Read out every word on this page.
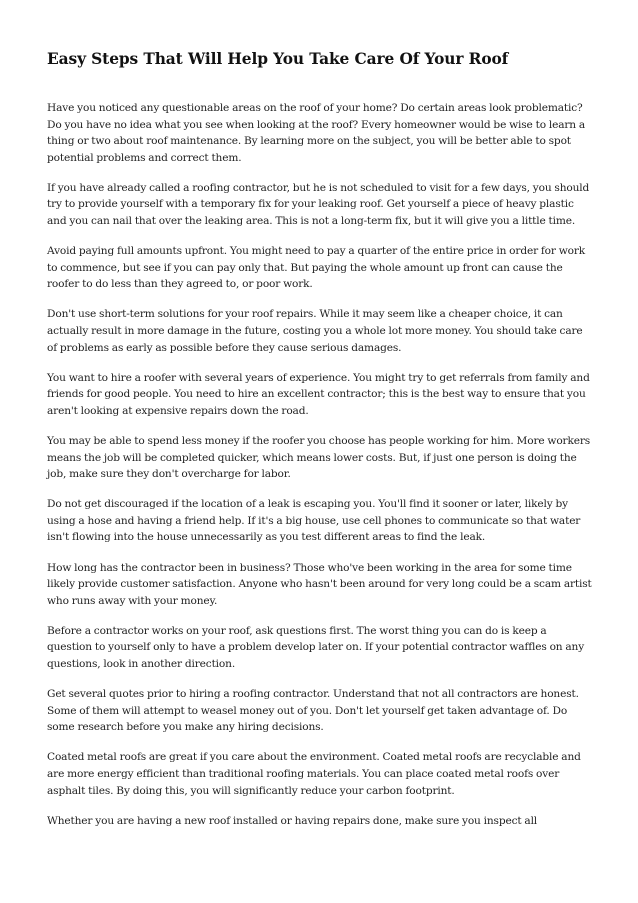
Easy Steps That Will Help You Take Care Of Your Roof

Have you noticed any questionable areas on the roof of your home? Do certain areas look problematic? Do you have no idea what you see when looking at the roof? Every homeowner would be wise to learn a thing or two about roof maintenance. By learning more on the subject, you will be better able to spot potential problems and correct them.

If you have already called a roofing contractor, but he is not scheduled to visit for a few days, you should try to provide yourself with a temporary fix for your leaking roof. Get yourself a piece of heavy plastic and you can nail that over the leaking area. This is not a long-term fix, but it will give you a little time.

Avoid paying full amounts upfront. You might need to pay a quarter of the entire price in order for work to commence, but see if you can pay only that. But paying the whole amount up front can cause the roofer to do less than they agreed to, or poor work.

Don't use short-term solutions for your roof repairs. While it may seem like a cheaper choice, it can actually result in more damage in the future, costing you a whole lot more money. You should take care of problems as early as possible before they cause serious damages.

You want to hire a roofer with several years of experience. You might try to get referrals from family and friends for good people. You need to hire an excellent contractor; this is the best way to ensure that you aren't looking at expensive repairs down the road.

You may be able to spend less money if the roofer you choose has people working for him. More workers means the job will be completed quicker, which means lower costs. But, if just one person is doing the job, make sure they don't overcharge for labor.

Do not get discouraged if the location of a leak is escaping you. You'll find it sooner or later, likely by using a hose and having a friend help. If it's a big house, use cell phones to communicate so that water isn't flowing into the house unnecessarily as you test different areas to find the leak.

How long has the contractor been in business? Those who've been working in the area for some time likely provide customer satisfaction. Anyone who hasn't been around for very long could be a scam artist who runs away with your money.

Before a contractor works on your roof, ask questions first. The worst thing you can do is keep a question to yourself only to have a problem develop later on. If your potential contractor waffles on any questions, look in another direction.

Get several quotes prior to hiring a roofing contractor. Understand that not all contractors are honest. Some of them will attempt to weasel money out of you. Don't let yourself get taken advantage of. Do some research before you make any hiring decisions.

Coated metal roofs are great if you care about the environment. Coated metal roofs are recyclable and are more energy efficient than traditional roofing materials. You can place coated metal roofs over asphalt tiles. By doing this, you will significantly reduce your carbon footprint.

Whether you are having a new roof installed or having repairs done, make sure you inspect all
